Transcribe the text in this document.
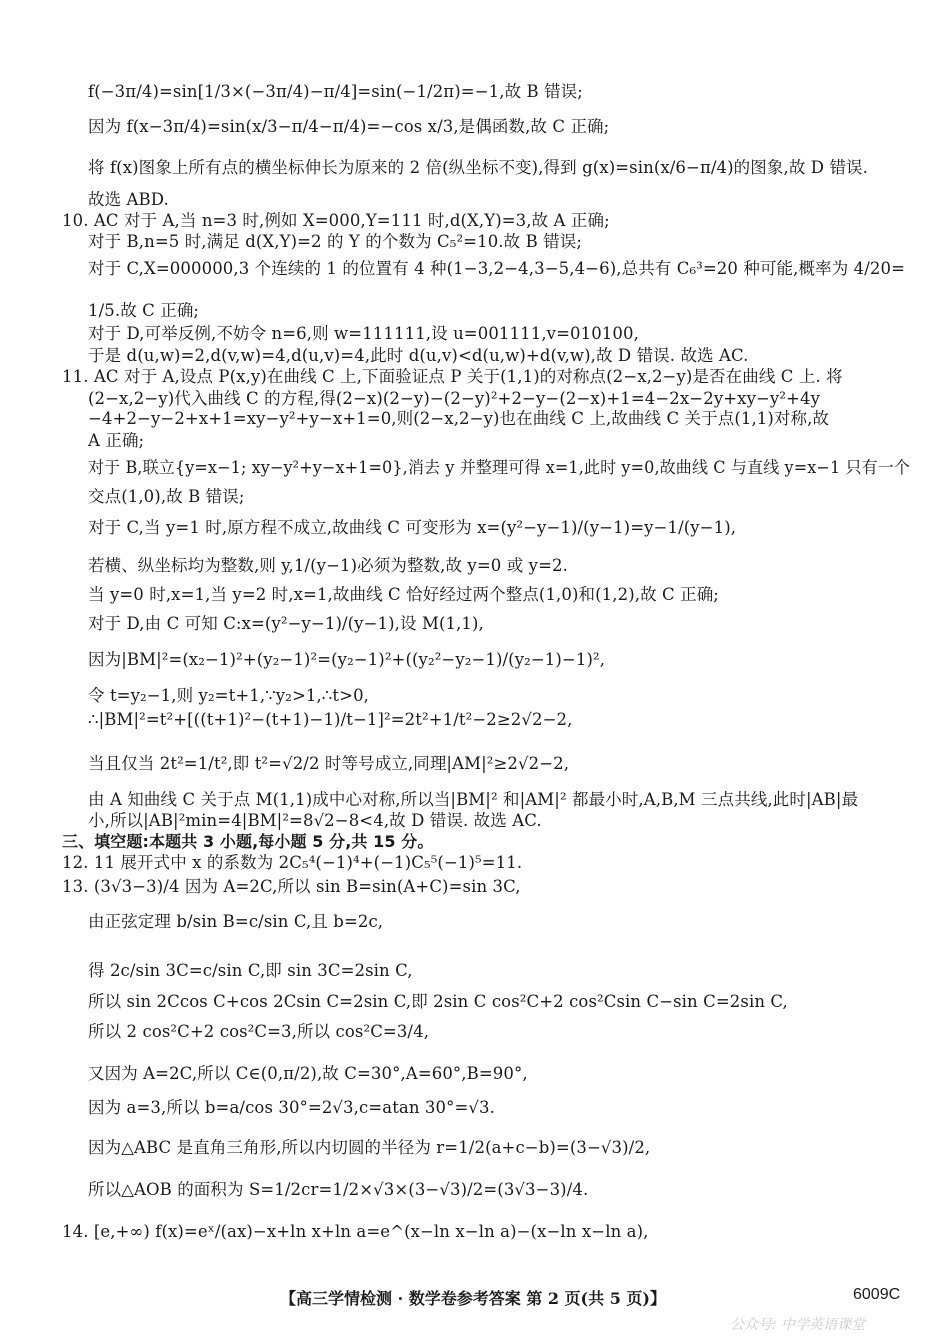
f(−3π/4)=sin[1/3×(−3π/4)−π/4]=sin(−1/2π)=−1,故 B 错误;
因为 f(x−3π/4)=sin(x/3−π/4−π/4)=−cos x/3,是偶函数,故 C 正确;
将 f(x)图象上所有点的横坐标伸长为原来的 2 倍(纵坐标不变),得到 g(x)=sin(x/6−π/4)的图象,故 D 错误.
故选 ABD.
10. AC 对于 A,当 n=3 时,例如 X=000,Y=111 时,d(X,Y)=3,故 A 正确;
对于 B,n=5 时,满足 d(X,Y)=2 的 Y 的个数为 C₅²=10.故 B 错误;
对于 C,X=000000,3 个连续的 1 的位置有 4 种(1−3,2−4,3−5,4−6),总共有 C₆³=20 种可能,概率为 4/20=
1/5.故 C 正确;
对于 D,可举反例,不妨令 n=6,则 w=111111,设 u=001111,v=010100,
于是 d(u,w)=2,d(v,w)=4,d(u,v)=4,此时 d(u,v)<d(u,w)+d(v,w),故 D 错误. 故选 AC.
11. AC 对于 A,设点 P(x,y)在曲线 C 上,下面验证点 P 关于(1,1)的对称点(2−x,2−y)是否在曲线 C 上. 将
(2−x,2−y)代入曲线 C 的方程,得(2−x)(2−y)−(2−y)²+2−y−(2−x)+1=4−2x−2y+xy−y²+4y
−4+2−y−2+x+1=xy−y²+y−x+1=0,则(2−x,2−y)也在曲线 C 上,故曲线 C 关于点(1,1)对称,故
A 正确;
对于 B,联立{y=x−1; xy−y²+y−x+1=0},消去 y 并整理可得 x=1,此时 y=0,故曲线 C 与直线 y=x−1 只有一个
交点(1,0),故 B 错误;
对于 C,当 y=1 时,原方程不成立,故曲线 C 可变形为 x=(y²−y−1)/(y−1)=y−1/(y−1),
若横、纵坐标均为整数,则 y,1/(y−1)必须为整数,故 y=0 或 y=2.
当 y=0 时,x=1,当 y=2 时,x=1,故曲线 C 恰好经过两个整点(1,0)和(1,2),故 C 正确;
对于 D,由 C 可知 C:x=(y²−y−1)/(y−1),设 M(1,1),
因为|BM|²=(x₂−1)²+(y₂−1)²=(y₂−1)²+((y₂²−y₂−1)/(y₂−1)−1)²,
令 t=y₂−1,则 y₂=t+1,∵y₂>1,∴t>0,
∴|BM|²=t²+[((t+1)²−(t+1)−1)/t−1]²=2t²+1/t²−2≥2√2−2,
当且仅当 2t²=1/t²,即 t²=√2/2 时等号成立,同理|AM|²≥2√2−2,
由 A 知曲线 C 关于点 M(1,1)成中心对称,所以当|BM|² 和|AM|² 都最小时,A,B,M 三点共线,此时|AB|最
小,所以|AB|²min=4|BM|²=8√2−8<4,故 D 错误. 故选 AC.
三、填空题:本题共 3 小题,每小题 5 分,共 15 分。
12. 11 展开式中 x 的系数为 2C₅⁴(−1)⁴+(−1)C₅⁵(−1)⁵=11.
13. (3√3−3)/4 因为 A=2C,所以 sin B=sin(A+C)=sin 3C,
由正弦定理 b/sin B=c/sin C,且 b=2c,
得 2c/sin 3C=c/sin C,即 sin 3C=2sin C,
所以 sin 2Ccos C+cos 2Csin C=2sin C,即 2sin C cos²C+2 cos²Csin C−sin C=2sin C,
所以 2 cos²C+2 cos²C=3,所以 cos²C=3/4,
又因为 A=2C,所以 C∈(0,π/2),故 C=30°,A=60°,B=90°,
因为 a=3,所以 b=a/cos 30°=2√3,c=atan 30°=√3.
因为△ABC 是直角三角形,所以内切圆的半径为 r=1/2(a+c−b)=(3−√3)/2,
所以△AOB 的面积为 S=1/2cr=1/2×√3×(3−√3)/2=(3√3−3)/4.
14. [e,+∞) f(x)=eˣ/(ax)−x+ln x+ln a=e^(x−ln x−ln a)−(x−ln x−ln a),
【高三学情检测 · 数学卷参考答案 第 2 页(共 5 页)】	6009C
公众号: 中学英语课堂
